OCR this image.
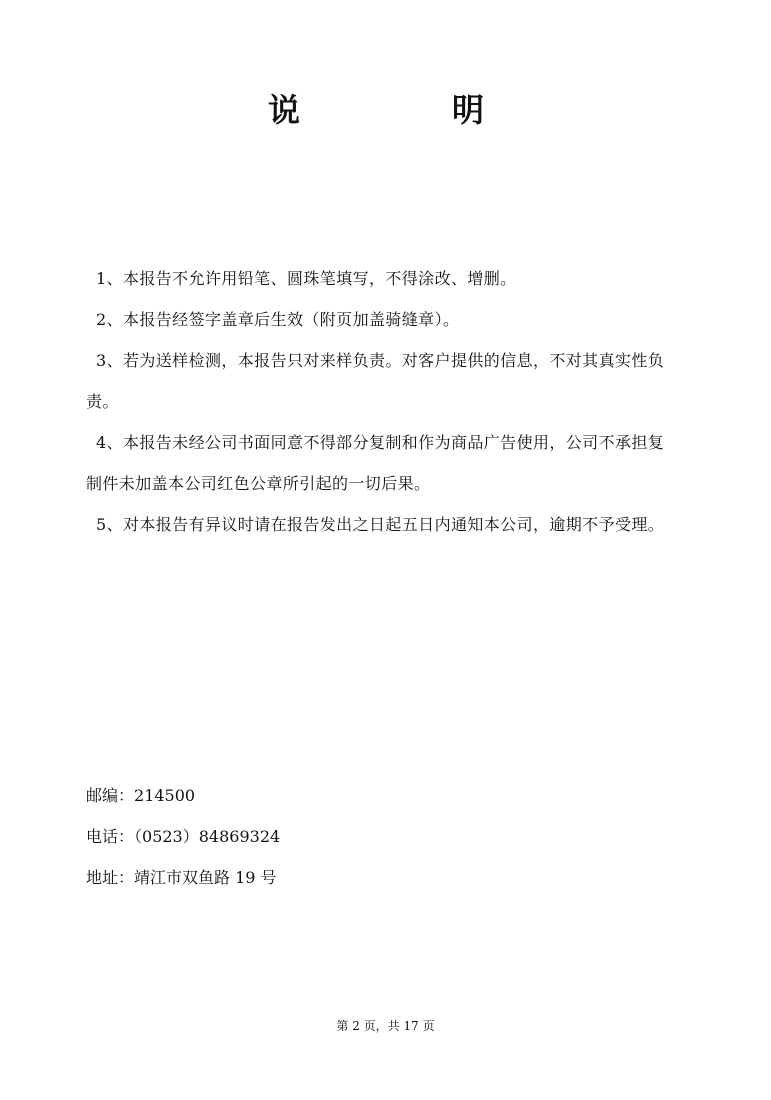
说	明

1、本报告不允许用铅笔、圆珠笔填写，不得涂改、增删。

2、本报告经签字盖章后生效（附页加盖骑缝章）。

3、若为送样检测，本报告只对来样负责。对客户提供的信息，不对其真实性负责。

4、本报告未经公司书面同意不得部分复制和作为商品广告使用，公司不承担复制件未加盖本公司红色公章所引起的一切后果。

5、对本报告有异议时请在报告发出之日起五日内通知本公司，逾期不予受理。

邮编：214500
电话：（0523）84869324
地址：靖江市双鱼路 19 号
第 2 页，共 17 页
